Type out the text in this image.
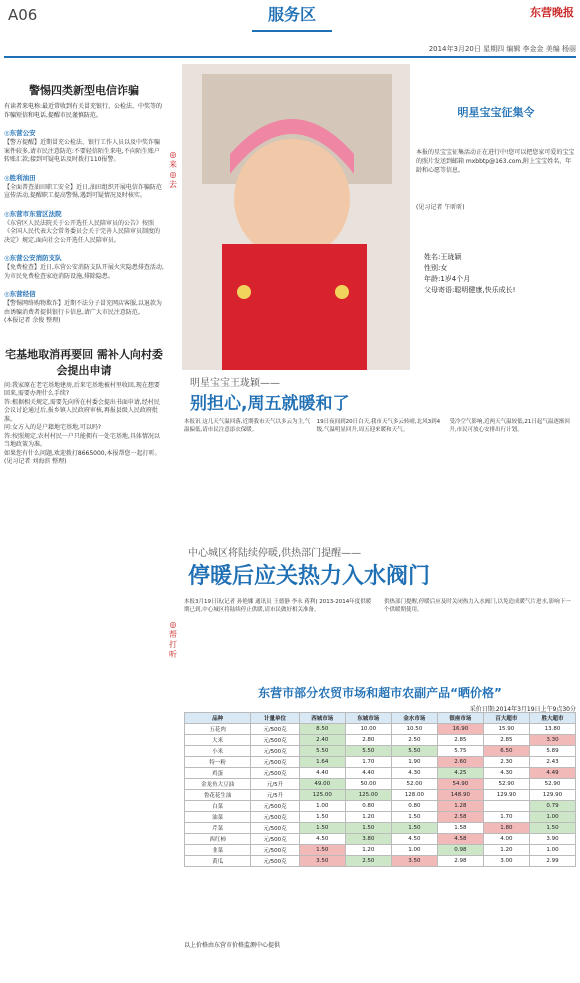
A06	服务区	东营晚报
2014年3月20日 星期四 编辑 李金金 美编 杨丽
警惕四类新型电信诈骗
有读者来电称:最近常收到有关冒充银行、公检法、中奖等的诈骗短信和电话,提醒市民谨慎防范。
◎东营公安
【警方提醒】近期冒充公检法、银行工作人员以及中奖诈骗案件较多,请市民注意防范:不要轻信陌生来电,不向陌生账户转账汇款;接到可疑电话及时拨打110报警。
◎胜利油田
【全面普查油田职工安全】近日,油田组织开展电信诈骗防范宣传活动,提醒职工提高警惕,遇到可疑情况及时核实。
◎东营市东营区法院
《东营区人民法院关于公开选任人民陪审员的公告》按照《全国人民代表大会常务委员会关于完善人民陪审员制度的决定》规定,面向社会公开选任人民陪审员。
◎东营公安消防支队
【免费检查】近日,东营公安消防支队开展火灾隐患排查活动,为市民免费检查家庭消防设施,排除隐患。
◎东营经信
【警惕网络购物欺诈】近期不法分子冒充网店客服,以退款为由诱骗消费者提供银行卡信息,请广大市民注意防范。
(本报记者 余俊 整理)
宅基地取消再要回 需补人向村委会提出申请
问:我家原在老宅基地建房,后来宅基地被村里收回,现在想要回来,需要办理什么手续?
答:根据相关规定,需要先向所在村委会提出书面申请,经村民会议讨论通过后,报乡镇人民政府审核,再报县级人民政府批准。
问:女方入的是户籍地宅基地,可以吗?
答:按照规定,农村村民一户只能拥有一处宅基地,具体情况以当地政策为准。
如果您有什么问题,欢迎拨打8665000,本报帮您一起打听。
(见习记者 刘海滨 整理)
◎来◎去
◎帮打听
明星宝宝征集令
本报的星宝宝征集活动正在进行中!您可以把您家可爱的宝宝的照片发送到邮箱 mxbbtp@163.com,附上宝宝姓名、年龄和心愿等信息。
(见习记者 午昕昕)
姓名:王珑颖
性别:女
年龄:1岁4个月
父母寄语:聪明健康,快乐成长!
明星宝宝王珑颖——
别担心,周五就暖和了
本报讯 这几天气温回落,近期我市天气以多云为主,气温偏低,请市民注意添衣保暖。
19日夜间到20日白天,我市天气多云转晴,北风3到4级,气温明显回升,周五迎来暖和天气。
受冷空气影响,近两天气温较低,21日起气温逐渐回升,市民可放心安排出行计划。
中心城区将陆续停暖,供热部门提醒——
停暖后应关热力入水阀门
本报3月19日讯(记者 孙艳娜 通讯员 王德静 李永 蒋利) 2013-2014年度供暖期已到,中心城区将陆续停止供暖,请市民做好相关准备。
供热部门提醒,停暖后应及时关闭热力入水阀门,以免造成暖气片进水,影响下一个供暖期使用。
东营市部分农贸市场和超市农副产品“晒价格”
采价日期:2014年3月19日上午9点30分
品种	计量单位	西城市场	东城市场	金水市场	银座市场	百大超市	胜大超市
五花肉	元/500克	8.50	10.00	10.50	16.90	15.90	13.80
大米	元/500克	2.40	2.80	2.50	2.85	2.85	3.30
小米	元/500克	5.50	5.50	5.50	5.75	6.50	5.89
特一粉	元/500克	1.64	1.70	1.90	2.60	2.30	2.43
鸡蛋	元/500克	4.40	4.40	4.30	4.25	4.30	4.49
金龙鱼大豆油	元/5升	49.00	50.00	52.00	54.90	52.90	52.90
鲁花花生油	元/5升	125.00	125.00	128.00	148.90	129.90	129.90
白菜	元/500克	1.00	0.80	0.80	1.28		0.79
油菜	元/500克	1.50	1.20	1.50	2.58	1.70	1.00
芹菜	元/500克	1.50	1.50	1.50	1.58	1.80	1.50
西红柿	元/500克	4.50	3.80	4.50	4.58	4.00	3.90
韭菜	元/500克	1.50	1.20	1.00	0.98	1.20	1.00
黄瓜	元/500克	3.50	2.50	3.50	2.98	3.00	2.99
以上价格由东营市价格监测中心提供
